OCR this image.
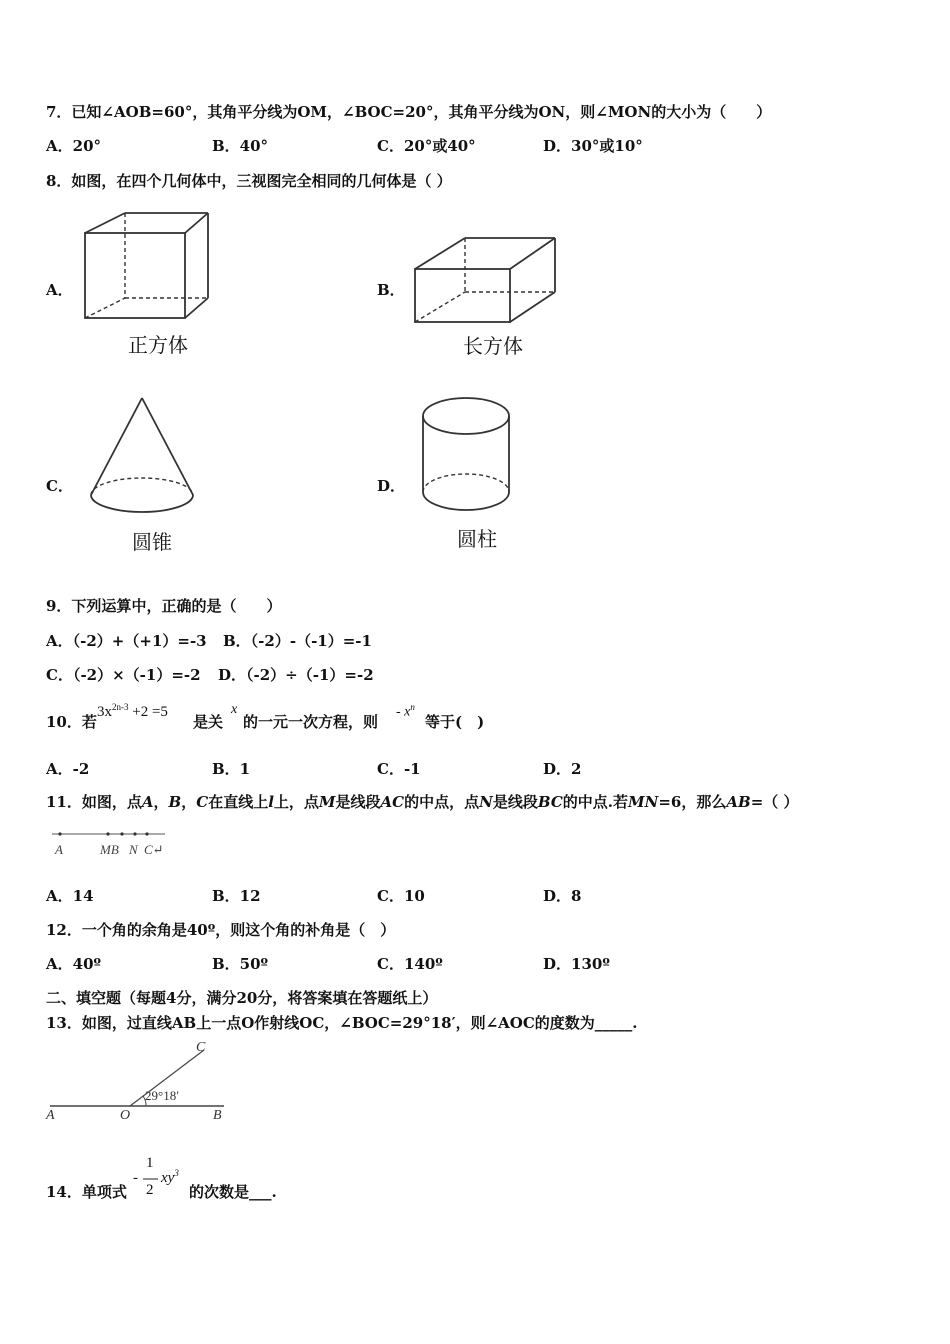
7．已知∠AOB=60°，其角平分线为OM，∠BOC=20°，其角平分线为ON，则∠MON的大小为（　　）
A．20°	B．40°	C．20°或40°	D．30°或10°
8．如图，在四个几何体中，三视图完全相同的几何体是（ ）
A．
正方体
B．
长方体
C．
圆锥
D．
圆柱
9．下列运算中，正确的是（　　）
A．（-2）+（+1）=-3 B．（-2）-（-1）=-1
C．（-2）×（-1）=-2 D．（-2）÷（-1）=-2
10．若
$3x^{2n-3} +2 =5$
是关
x
的一元一次方程，则
- $x^n$
等于(　)
A．-2	B．1	C．-1	D．2
11．如图，点A，B，C在直线上l上，点M是线段AC的中点，点N是线段BC的中点.若MN=6，那么AB=（ ）
A	MB N C↵
A．14	B．12	C．10	D．8
12．一个角的余角是40º，则这个角的补角是（　）
A．40º	B．50º	C．140º	D．130º
二、填空题（每题4分，满分20分，将答案填在答题纸上）
13．如图，过直线AB上一点O作射线OC，∠BOC=29°18′，则∠AOC的度数为_____.
A	O	B
C
29°18′
14．单项式
-
1
2
$xy^3$
的次数是___.
